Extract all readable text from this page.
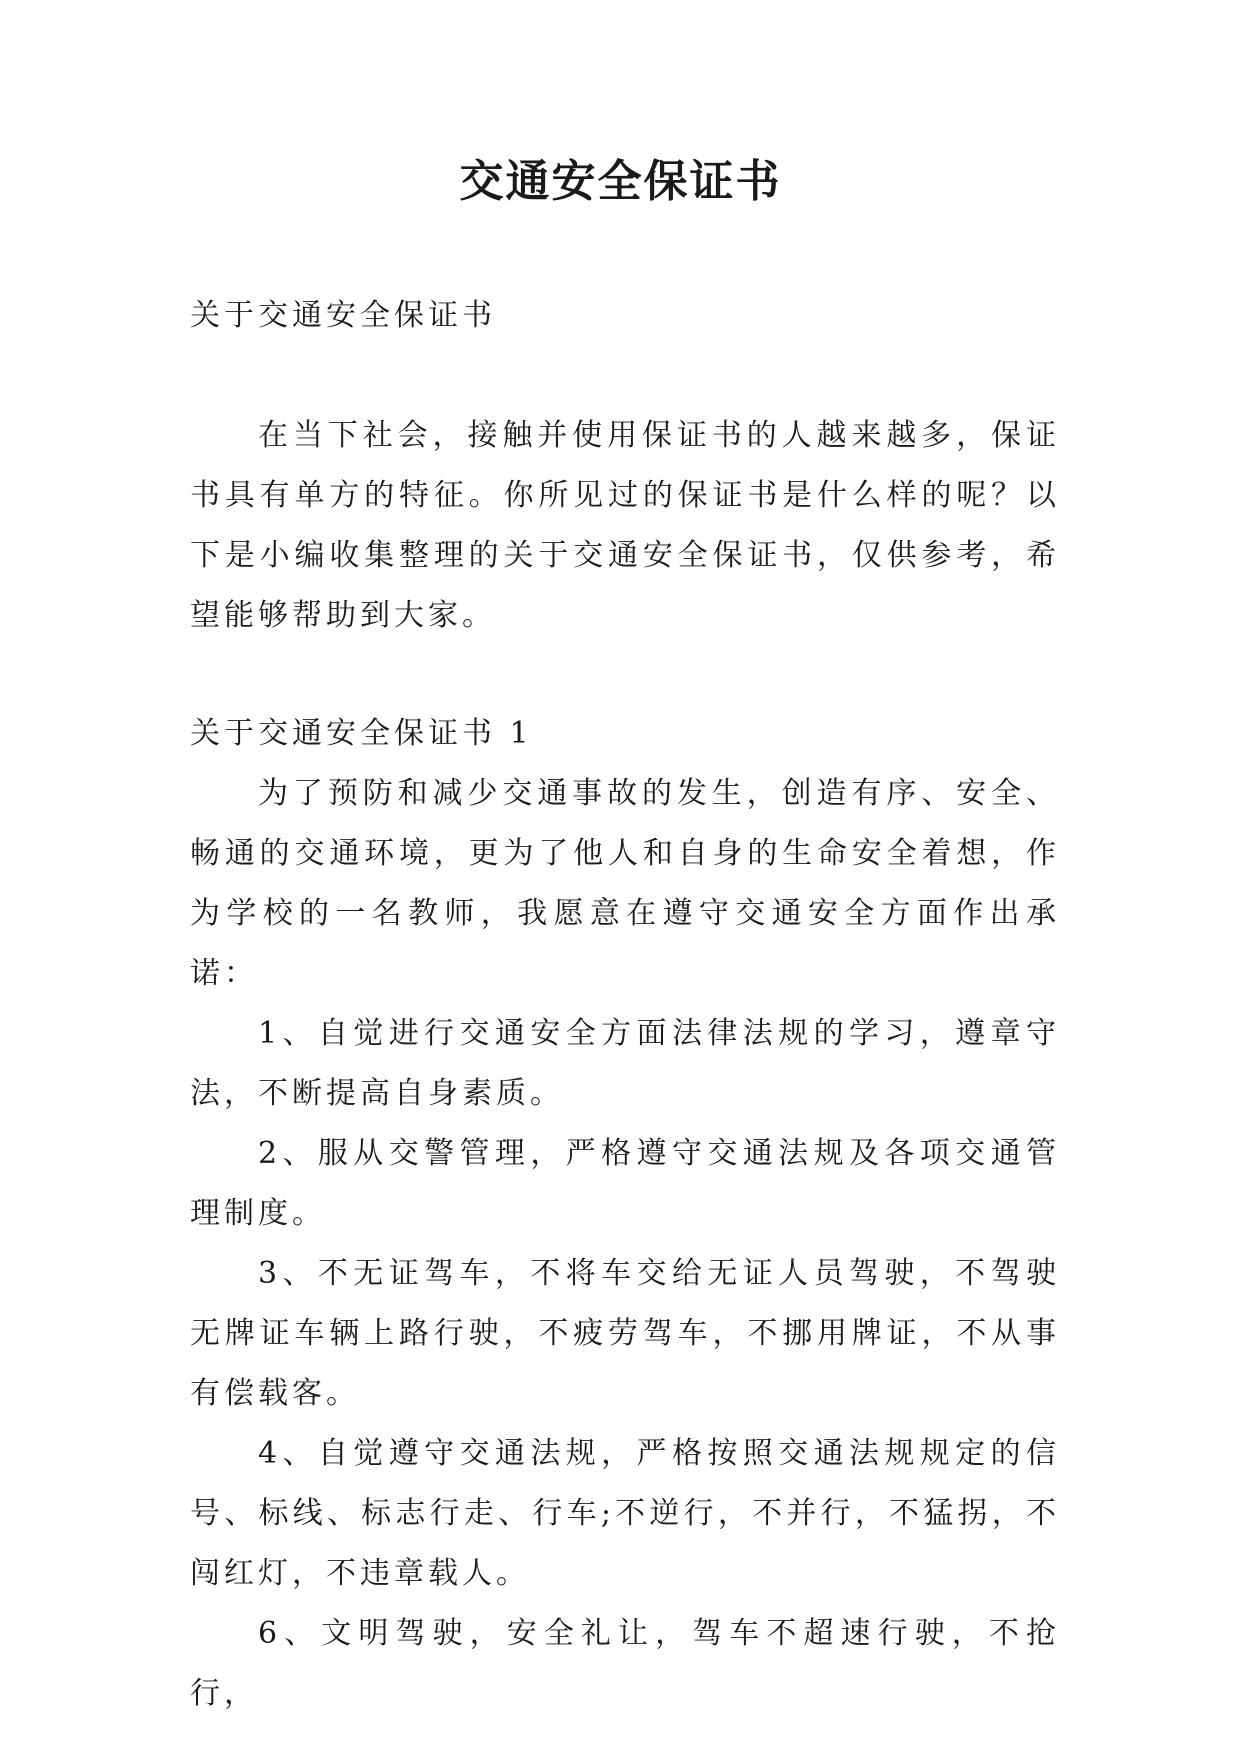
交通安全保证书

关于交通安全保证书

在当下社会，接触并使用保证书的人越来越多，保证书具有单方的特征。你所见过的保证书是什么样的呢？以下是小编收集整理的关于交通安全保证书，仅供参考，希望能够帮助到大家。

关于交通安全保证书 1

为了预防和减少交通事故的发生，创造有序、安全、畅通的交通环境，更为了他人和自身的生命安全着想，作为学校的一名教师，我愿意在遵守交通安全方面作出承诺：

1、自觉进行交通安全方面法律法规的学习，遵章守法，不断提高自身素质。

2、服从交警管理，严格遵守交通法规及各项交通管理制度。

3、不无证驾车，不将车交给无证人员驾驶，不驾驶无牌证车辆上路行驶，不疲劳驾车，不挪用牌证，不从事有偿载客。

4、自觉遵守交通法规，严格按照交通法规规定的信号、标线、标志行走、行车;不逆行，不并行，不猛拐，不闯红灯，不违章载人。

6、文明驾驶，安全礼让，驾车不超速行驶，不抢行，
